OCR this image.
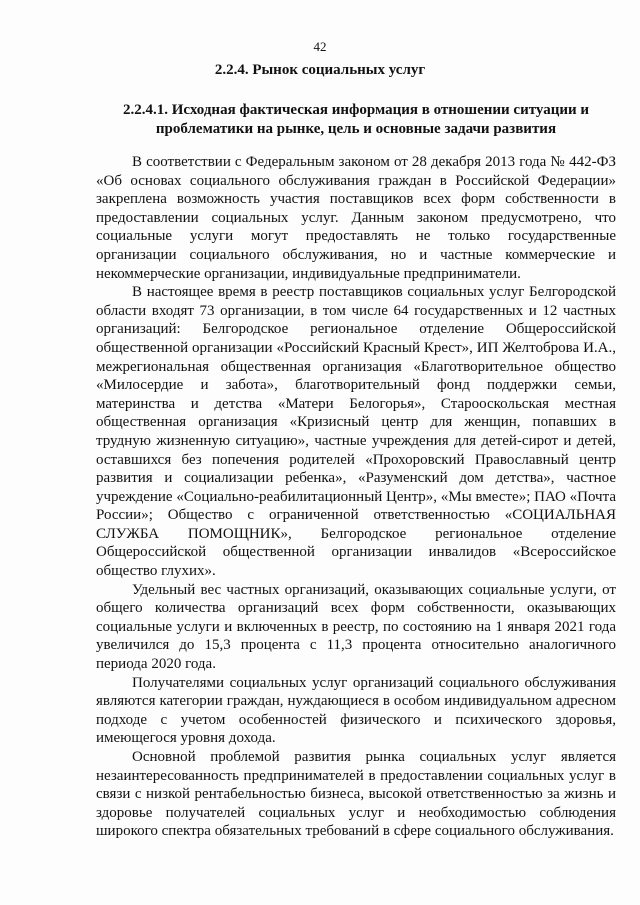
42
2.2.4. Рынок социальных услуг
2.2.4.1. Исходная фактическая информация в отношении ситуации и проблематики на рынке, цель и основные задачи развития

В соответствии с Федеральным законом от 28 декабря 2013 года № 442-ФЗ «Об основах социального обслуживания граждан в Российской Федерации» закреплена возможность участия поставщиков всех форм собственности в предоставлении социальных услуг. Данным законом предусмотрено, что социальные услуги могут предоставлять не только государственные организации социального обслуживания, но и частные коммерческие и некоммерческие организации, индивидуальные предприниматели.

В настоящее время в реестр поставщиков социальных услуг Белгородской области входят 73 организации, в том числе 64 государственных и 12 частных организаций: Белгородское региональное отделение Общероссийской общественной организации «Российский Красный Крест», ИП Желтоброва И.А., межрегиональная общественная организация «Благотворительное общество «Милосердие и забота», благотворительный фонд поддержки семьи, материнства и детства «Матери Белогорья», Старооскольская местная общественная организация «Кризисный центр для женщин, попавших в трудную жизненную ситуацию», частные учреждения для детей-сирот и детей, оставшихся без попечения родителей «Прохоровский Православный центр развития и социализации ребенка», «Разуменский дом детства», частное учреждение «Социально-реабилитационный Центр», «Мы вместе»; ПАО «Почта России»; Общество с ограниченной ответственностью «СОЦИАЛЬНАЯ СЛУЖБА ПОМОЩНИК», Белгородское региональное отделение Общероссийской общественной организации инвалидов «Всероссийское общество глухих».

Удельный вес частных организаций, оказывающих социальные услуги, от общего количества организаций всех форм собственности, оказывающих социальные услуги и включенных в реестр, по состоянию на 1 января 2021 года увеличился до 15,3 процента с 11,3 процента относительно аналогичного периода 2020 года.

Получателями социальных услуг организаций социального обслуживания являются категории граждан, нуждающиеся в особом индивидуальном адресном подходе с учетом особенностей физического и психического здоровья, имеющегося уровня дохода.

Основной проблемой развития рынка социальных услуг является незаинтересованность предпринимателей в предоставлении социальных услуг в связи с низкой рентабельностью бизнеса, высокой ответственностью за жизнь и здоровье получателей социальных услуг и необходимостью соблюдения широкого спектра обязательных требований в сфере социального обслуживания.
